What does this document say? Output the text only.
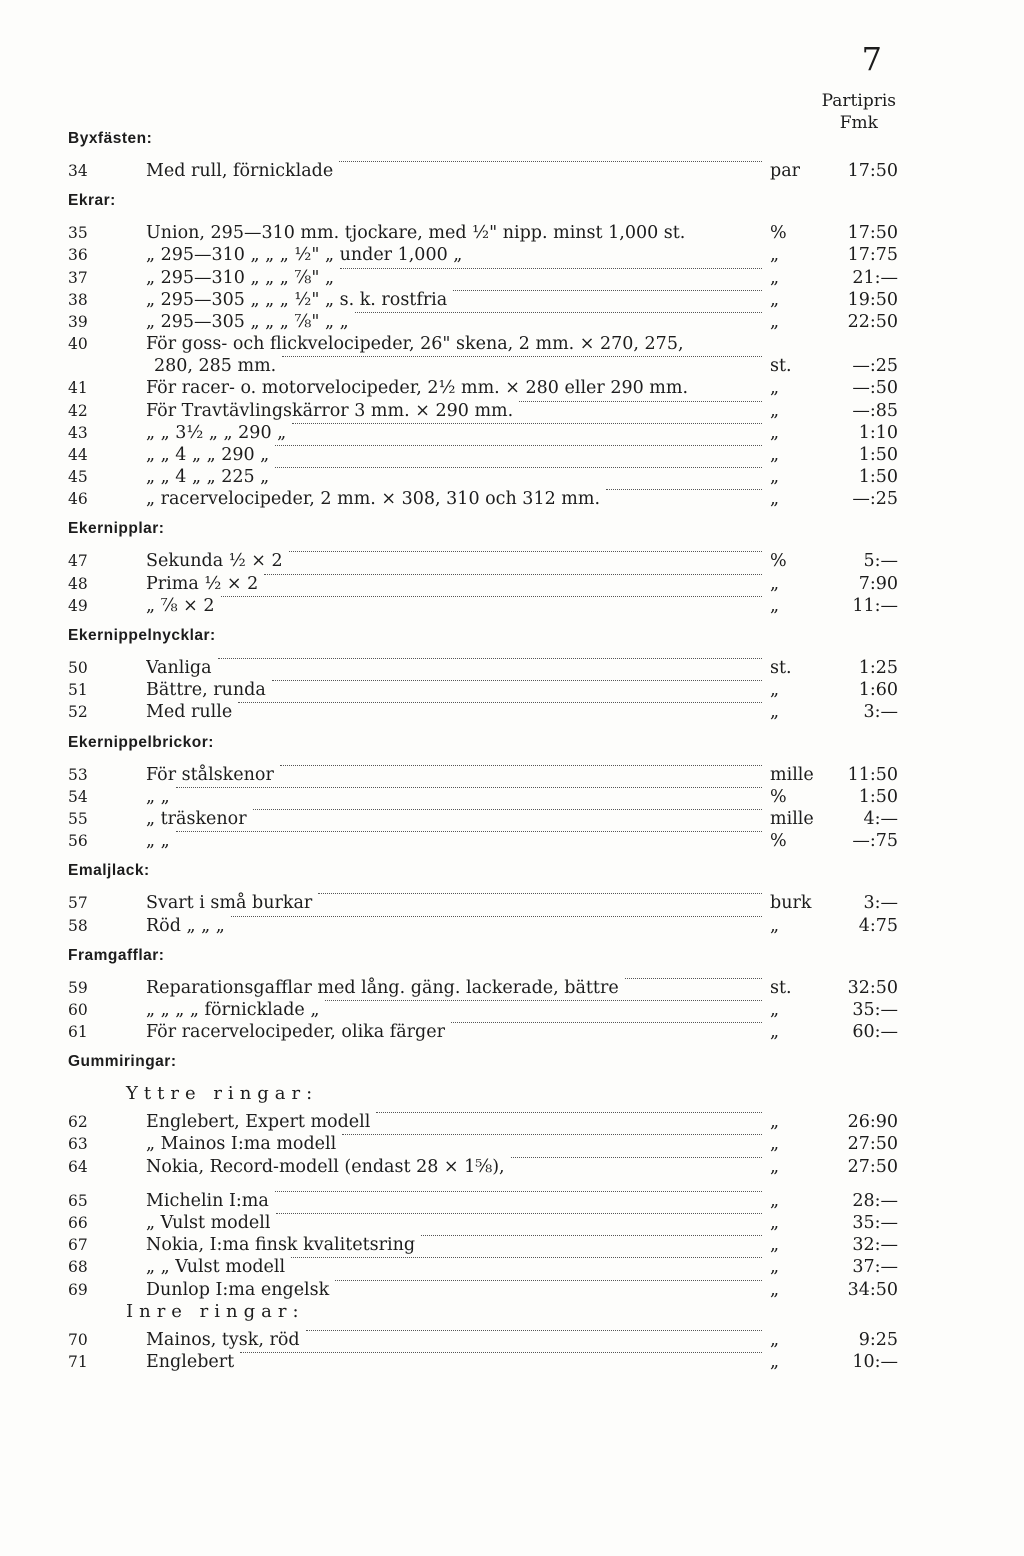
7
Partipris
Fmk
Byxfästen:
34	Med rull, förnicklade	par	17:50
Ekrar:
35	Union, 295—310 mm. tjockare, med ½" nipp. minst 1,000 st.	%	17:50
36	„ 295—310 „ „ „ ½" „ under 1,000 „	„	17:75
37	„ 295—310 „ „ „ ⅞" „	„	21:—
38	„ 295—305 „ „ „ ½" „ s. k. rostfria	„	19:50
39	„ 295—305 „ „ „ ⅞" „ „	„	22:50
40	För goss- och flickvelocipeder, 26" skena, 2 mm. × 270, 275,
280, 285 mm.	st.	—:25
41	För racer- o. motorvelocipeder, 2½ mm. × 280 eller 290 mm.	„	—:50
42	För Travtävlingskärror 3 mm. × 290 mm.	„	—:85
43	„ „ 3½ „ „ 290 „	„	1:10
44	„ „ 4 „ „ 290 „	„	1:50
45	„ „ 4 „ „ 225 „	„	1:50
46	„ racervelocipeder, 2 mm. × 308, 310 och 312 mm.	„	—:25
Ekernipplar:
47	Sekunda ½ × 2	%	5:—
48	Prima ½ × 2	„	7:90
49	„ ⅞ × 2	„	11:—
Ekernippelnycklar:
50	Vanliga	st.	1:25
51	Bättre, runda	„	1:60
52	Med rulle	„	3:—
Ekernippelbrickor:
53	För stålskenor	mille	11:50
54	„ „	%	1:50
55	„ träskenor	mille	4:—
56	„ „	%	—:75
Emaljlack:
57	Svart i små burkar	burk	3:—
58	Röd „ „ „	„	4:75
Framgafflar:
59	Reparationsgafflar med lång. gäng. lackerade, bättre	st.	32:50
60	„ „ „ „ förnicklade „	„	35:—
61	För racervelocipeder, olika färger	„	60:—
Gummiringar:
Yttre ringar:
62	Englebert, Expert modell	„	26:90
63	„ Mainos I:ma modell	„	27:50
64	Nokia, Record-modell (endast 28 × 1⅝),	„	27:50
65	Michelin I:ma	„	28:—
66	„ Vulst modell	„	35:—
67	Nokia, I:ma finsk kvalitetsring	„	32:—
68	„ „ Vulst modell	„	37:—
69	Dunlop I:ma engelsk	„	34:50
Inre ringar:
70	Mainos, tysk, röd	„	9:25
71	Englebert	„	10:—
